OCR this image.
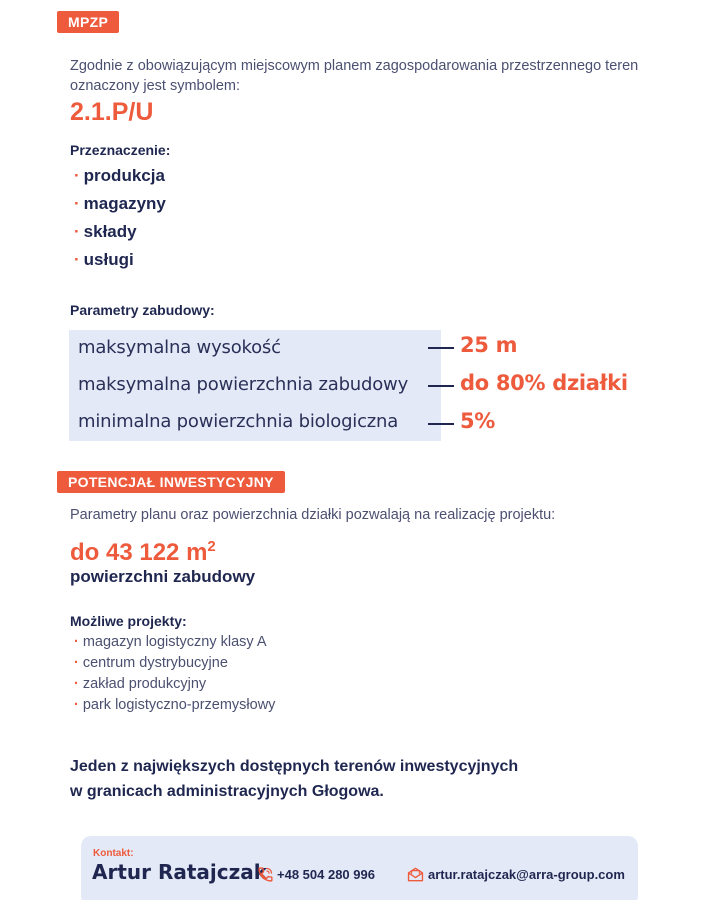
MPZP
Zgodnie z obowiązującym miejscowym planem zagospodarowania przestrzennego teren oznaczony jest symbolem:
2.1.P/U
Przeznaczenie:
· produkcja
· magazyny
· składy
· usługi
Parametry zabudowy:
maksymalna wysokość	25 m
maksymalna powierzchnia zabudowy do 80% działki
minimalna powierzchnia biologiczna	5%
POTENCJAŁ INWESTYCYJNY
Parametry planu oraz powierzchnia działki pozwalają na realizację projektu:
do 43 122 $m^2$
powierzchni zabudowy
Możliwe projekty:
· magazyn logistyczny klasy A
· centrum dystrybucyjne
· zakład produkcyjny
· park logistyczno-przemysłowy
Jeden z największych dostępnych terenów inwestycyjnych
w granicach administracyjnych Głogowa.
Kontakt:
Artur Ratajczak +48 504 280 996	artur.ratajczak@arra-group.com
